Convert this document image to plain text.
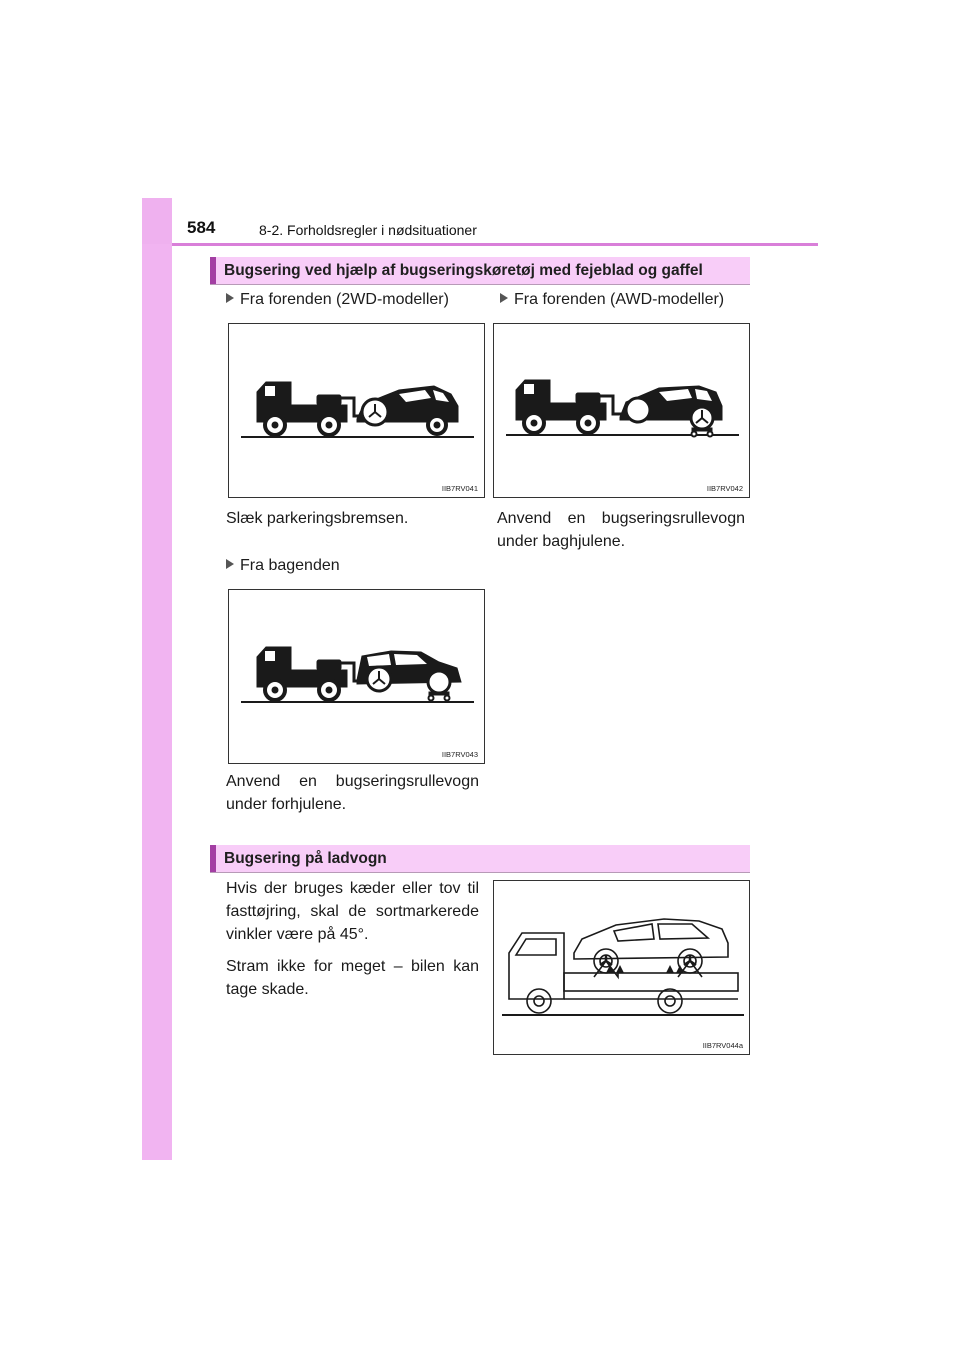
584	8-2. Forholdsregler i nødsituationer
Bugsering ved hjælp af bugseringskøretøj med fejeblad og gaffel
Fra forenden (2WD-modeller)	Fra forenden (AWD-modeller)
IIB7RV041	IIB7RV042
Slæk parkeringsbremsen.	Anvend en bugseringsrullevogn under baghjulene.
Fra bagenden
IIB7RV043
Anvend en bugseringsrullevogn under forhjulene.
Bugsering på ladvogn

Hvis der bruges kæder eller tov til fasttøjring, skal de sortmarkerede vinkler være på 45°.

Stram ikke for meget – bilen kan tage skade.

IIB7RV044a
